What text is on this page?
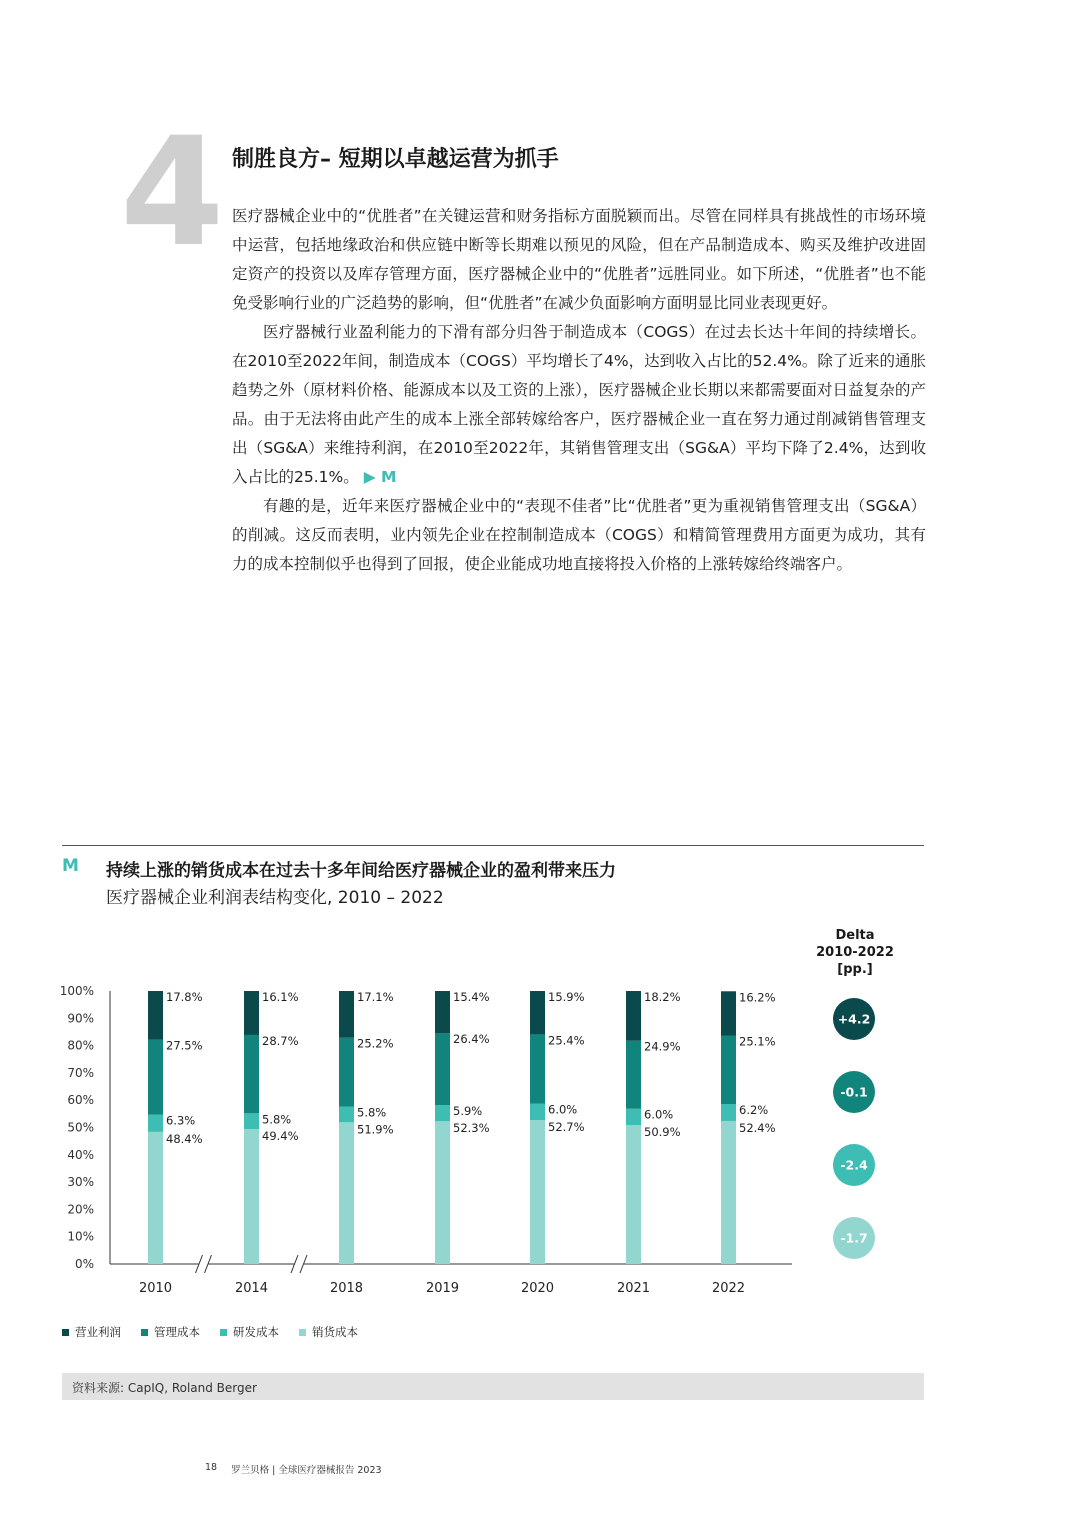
4 制胜良方– 短期以卓越运营为抓手

医疗器械企业中的“优胜者”在关键运营和财务指标方面脱颖而出。尽管在同样具有挑战性的市场环境中运营，包括地缘政治和供应链中断等长期难以预见的风险，但在产品制造成本、购买及维护改进固定资产的投资以及库存管理方面，医疗器械企业中的“优胜者”远胜同业。如下所述，“优胜者”也不能免受影响行业的广泛趋势的影响，但“优胜者”在减少负面影响方面明显比同业表现更好。

医疗器械行业盈利能力的下滑有部分归咎于制造成本（COGS）在过去长达十年间的持续增长。在2010至2022年间，制造成本（COGS）平均增长了4%，达到收入占比的52.4%。除了近来的通胀趋势之外（原材料价格、能源成本以及工资的上涨），医疗器械企业长期以来都需要面对日益复杂的产品。由于无法将由此产生的成本上涨全部转嫁给客户，医疗器械企业一直在努力通过削减销售管理支出（SG&A）来维持利润，在2010至2022年，其销售管理支出（SG&A）平均下降了2.4%，达到收入占比的25.1%。 ▶ M

有趣的是，近年来医疗器械企业中的“表现不佳者”比“优胜者”更为重视销售管理支出（SG&A）的削减。这反而表明，业内领先企业在控制制造成本（COGS）和精简管理费用方面更为成功，其有力的成本控制似乎也得到了回报，使企业能成功地直接将投入价格的上涨转嫁给终端客户。

M 持续上涨的销货成本在过去十多年间给医疗器械企业的盈利带来压力
医疗器械企业利润表结构变化, 2010 – 2022
Delta
2010-2022
[pp.]
0%
10%
20%
30%
40%
50%
60%
70%
80%
90%
100%
48.4%
6.3%
27.5%
17.8%
2010
49.4%
5.8%
28.7%
16.1%
2014
51.9%
5.8%
25.2%
17.1%
2018
52.3%
5.9%
26.4%
15.4%
2019
52.7%
6.0%
25.4%
15.9%
2020
50.9%
6.0%
24.9%
18.2%
2021
52.4%
6.2%
25.1%
16.2%
2022
+4.2
-0.1
-2.4
-1.7
营业利润	管理成本	研发成本	销货成本
资料来源: CapIQ, Roland Berger
18 罗兰贝格 | 全球医疗器械报告 2023
